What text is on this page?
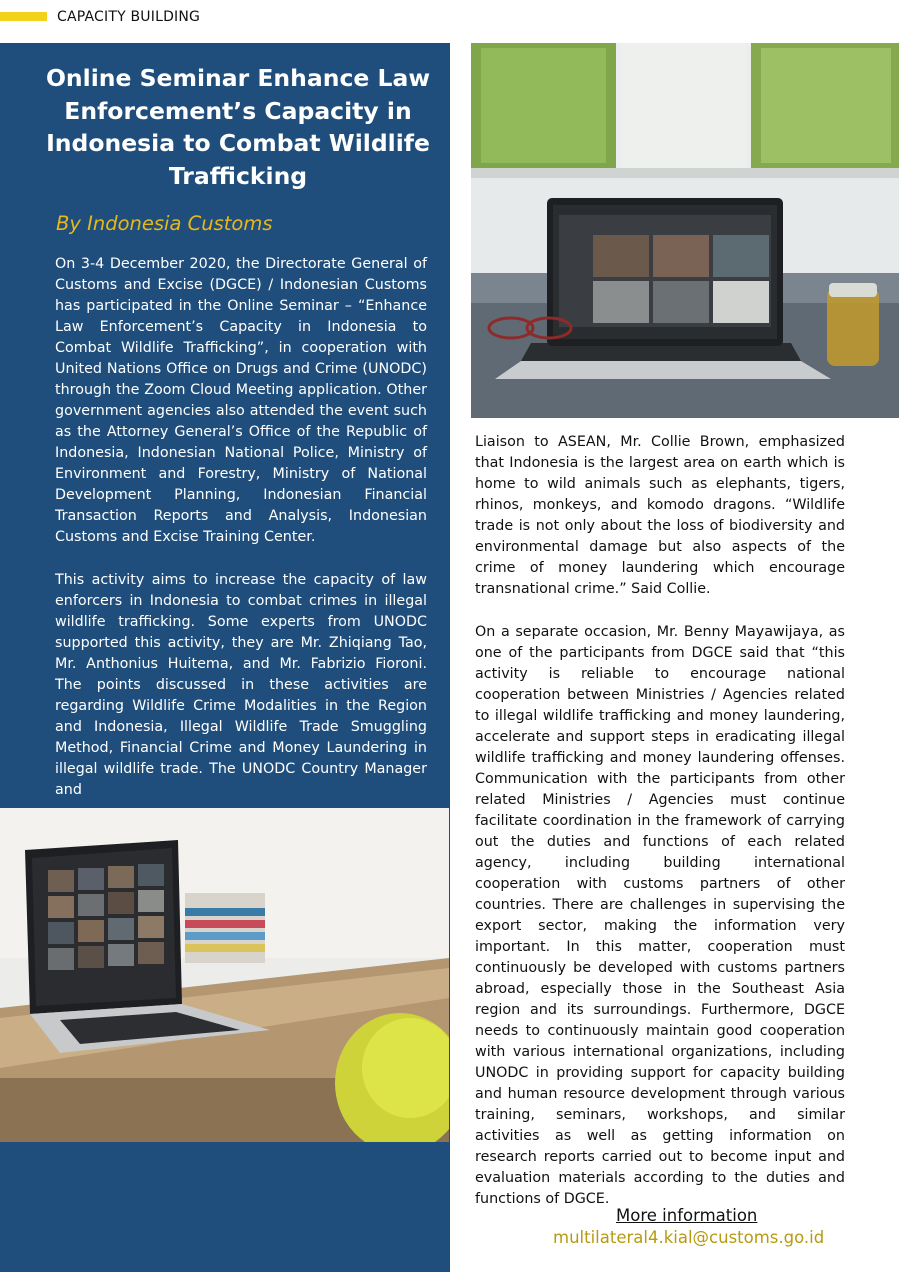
CAPACITY BUILDING
Online Seminar Enhance Law Enforcement’s Capacity in Indonesia to Combat Wildlife Trafficking
By Indonesia Customs

On 3-4 December 2020, the Directorate General of Customs and Excise (DGCE) / Indonesian Customs has participated in the Online Seminar – “Enhance Law Enforcement’s Capacity in Indonesia to Combat Wildlife Trafficking”, in cooperation with United Nations Office on Drugs and Crime (UNODC) through the Zoom Cloud Meeting application. Other government agencies also attended the event such as the Attorney General’s Office of the Republic of Indonesia, Indonesian National Police, Ministry of Environment and Forestry, Ministry of National Development Planning, Indonesian Financial Transaction Reports and Analysis, Indonesian Customs and Excise Training Center.

This activity aims to increase the capacity of law enforcers in Indonesia to combat crimes in illegal wildlife trafficking. Some experts from UNODC supported this activity, they are Mr. Zhiqiang Tao, Mr. Anthonius Huitema, and Mr. Fabrizio Fioroni. The points discussed in these activities are regarding Wildlife Crime Modalities in the Region and Indonesia, Illegal Wildlife Trade Smuggling Method, Financial Crime and Money Laundering in illegal wildlife trade. The UNODC Country Manager and

Liaison to ASEAN, Mr. Collie Brown, emphasized that Indonesia is the largest area on earth which is home to wild animals such as elephants, tigers, rhinos, monkeys, and komodo dragons. “Wildlife trade is not only about the loss of biodiversity and environmental damage but also aspects of the crime of money laundering which encourage transnational crime.” Said Collie.

On a separate occasion, Mr. Benny Mayawijaya, as one of the participants from DGCE said that “this activity is reliable to encourage national cooperation between Ministries / Agencies related to illegal wildlife trafficking and money laundering, accelerate and support steps in eradicating illegal wildlife trafficking and money laundering offenses. Communication with the participants from other related Ministries / Agencies must continue facilitate coordination in the framework of carrying out the duties and functions of each related agency, including building international cooperation with customs partners of other countries. There are challenges in supervising the export sector, making the information very important. In this matter, cooperation must continuously be developed with customs partners abroad, especially those in the Southeast Asia region and its surroundings. Furthermore, DGCE needs to continuously maintain good cooperation with various international organizations, including UNODC in providing support for capacity building and human resource development through various training, seminars, workshops, and similar activities as well as getting information on research reports carried out to become input and evaluation materials according to the duties and functions of DGCE.

More information
multilateral4.kial@customs.go.id
